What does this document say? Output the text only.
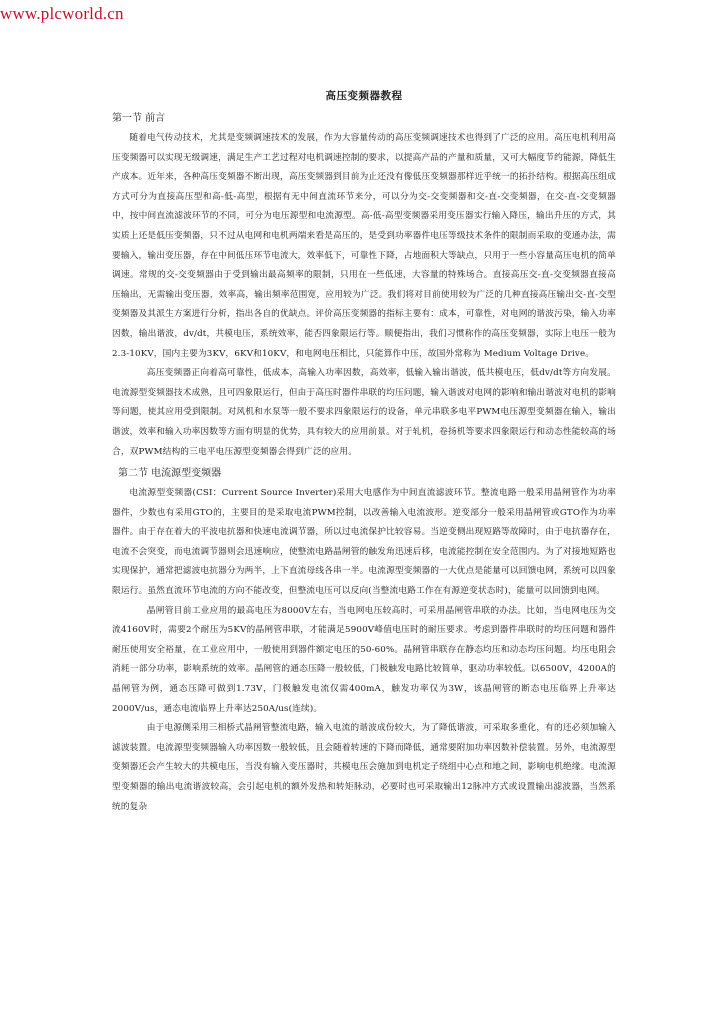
www.plcworld.cn
高压变频器教程
第一节 前言

随着电气传动技术，尤其是变频调速技术的发展，作为大容量传动的高压变频调速技术也得到了广泛的应用。高压电机利用高压变频器可以实现无级调速，满足生产工艺过程对电机调速控制的要求，以提高产品的产量和质量，又可大幅度节约能源，降低生产成本。近年来，各种高压变频器不断出现，高压变频器到目前为止还没有像低压变频器那样近乎统一的拓扑结构。根据高压组成方式可分为直接高压型和高-低-高型，根据有无中间直流环节来分，可以分为交-交变频器和交-直-交变频器，在交-直-交变频器中，按中间直流滤波环节的不同，可分为电压源型和电流源型。高-低-高型变频器采用变压器实行输入降压，输出升压的方式，其实质上还是低压变频器，只不过从电网和电机两端来看是高压的，是受到功率器件电压等级技术条件的限制而采取的变通办法，需要输入，输出变压器，存在中间低压环节电流大，效率低下，可靠性下降，占地面积大等缺点，只用于一些小容量高压电机的简单调速。常规的交-交变频器由于受到输出最高频率的限制，只用在一些低速，大容量的特殊场合。直接高压交-直-交变频器直接高压输出，无需输出变压器，效率高，输出频率范围宽，应用较为广泛。我们将对目前使用较为广泛的几种直接高压输出交-直-交型变频器及其派生方案进行分析，指出各自的优缺点。评价高压变频器的指标主要有：成本，可靠性，对电网的谐波污染，输入功率因数，输出谐波，dv/dt，共模电压，系统效率，能否四象限运行等。顺便指出，我们习惯称作的高压变频器，实际上电压一般为2.3-10KV，国内主要为3KV，6KV和10KV，和电网电压相比，只能算作中压，故国外常称为 Medium Voltage Drive。

高压变频器正向着高可靠性，低成本，高输入功率因数，高效率，低输入输出谐波，低共模电压，低dv/dt等方向发展。电流源型变频器技术成熟，且可四象限运行，但由于高压时器件串联的均压问题，输入谐波对电网的影响和输出谐波对电机的影响等问题，使其应用受到限制。对风机和水泵等一般不要求四象限运行的设备，单元串联多电平PWM电压源型变频器在输入，输出谐波，效率和输入功率因数等方面有明显的优势，具有较大的应用前景。对于轧机，卷扬机等要求四象限运行和动态性能较高的场合，双PWM结构的三电平电压源型变频器会得到广泛的应用。

第二节 电流源型变频器

电流源型变频器(CSI：Current Source Inverter)采用大电感作为中间直流滤波环节。整流电路一般采用晶闸管作为功率器件，少数也有采用GTO的，主要目的是采取电流PWM控制，以改善输入电流波形。逆变部分一般采用晶闸管或GTO作为功率器件。由于存在着大的平波电抗器和快速电流调节器，所以过电流保护比较容易。当逆变侧出现短路等故障时，由于电抗器存在，电流不会突变，而电流调节器则会迅速响应，使整流电路晶闸管的触发角迅速后移，电流能控制在安全范围内。为了对接地短路也实现保护，通常把滤波电抗器分为两半，上下直流母线各串一半。电流源型变频器的一大优点是能量可以回馈电网，系统可以四象限运行。虽然直流环节电流的方向不能改变，但整流电压可以反向(当整流电路工作在有源逆变状态时)，能量可以回馈到电网。

晶闸管目前工业应用的最高电压为8000V左右，当电网电压较高时，可采用晶闸管串联的办法。比如，当电网电压为交流4160V时，需要2个耐压为5KV的晶闸管串联，才能满足5900V峰值电压时的耐压要求。考虑到器件串联时的均压问题和器件耐压使用安全裕量，在工业应用中，一般使用到器件额定电压的50-60%。晶闸管串联存在静态均压和动态均压问题。均压电阻会消耗一部分功率，影响系统的效率。晶闸管的通态压降一般较低，门极触发电路比较简单，驱动功率较低。以6500V，4200A的晶闸管为例，通态压降可做到1.73V，门极触发电流仅需400mA，触发功率仅为3W，该晶闸管的断态电压临界上升率达2000V/us，通态电流临界上升率达250A/us(连续)。

由于电源侧采用三相桥式晶闸管整流电路，输入电流的谐波成份较大，为了降低谐波，可采取多重化，有的还必须加输入滤波装置。电流源型变频器输入功率因数一般较低，且会随着转速的下降而降低，通常要附加功率因数补偿装置。另外，电流源型变频器还会产生较大的共模电压，当没有输入变压器时，共模电压会施加到电机定子绕组中心点和地之间，影响电机绝缘。电流源型变频器的输出电流谐波较高，会引起电机的额外发热和转矩脉动，必要时也可采取输出12脉冲方式或设置输出滤波器，当然系统的复杂
